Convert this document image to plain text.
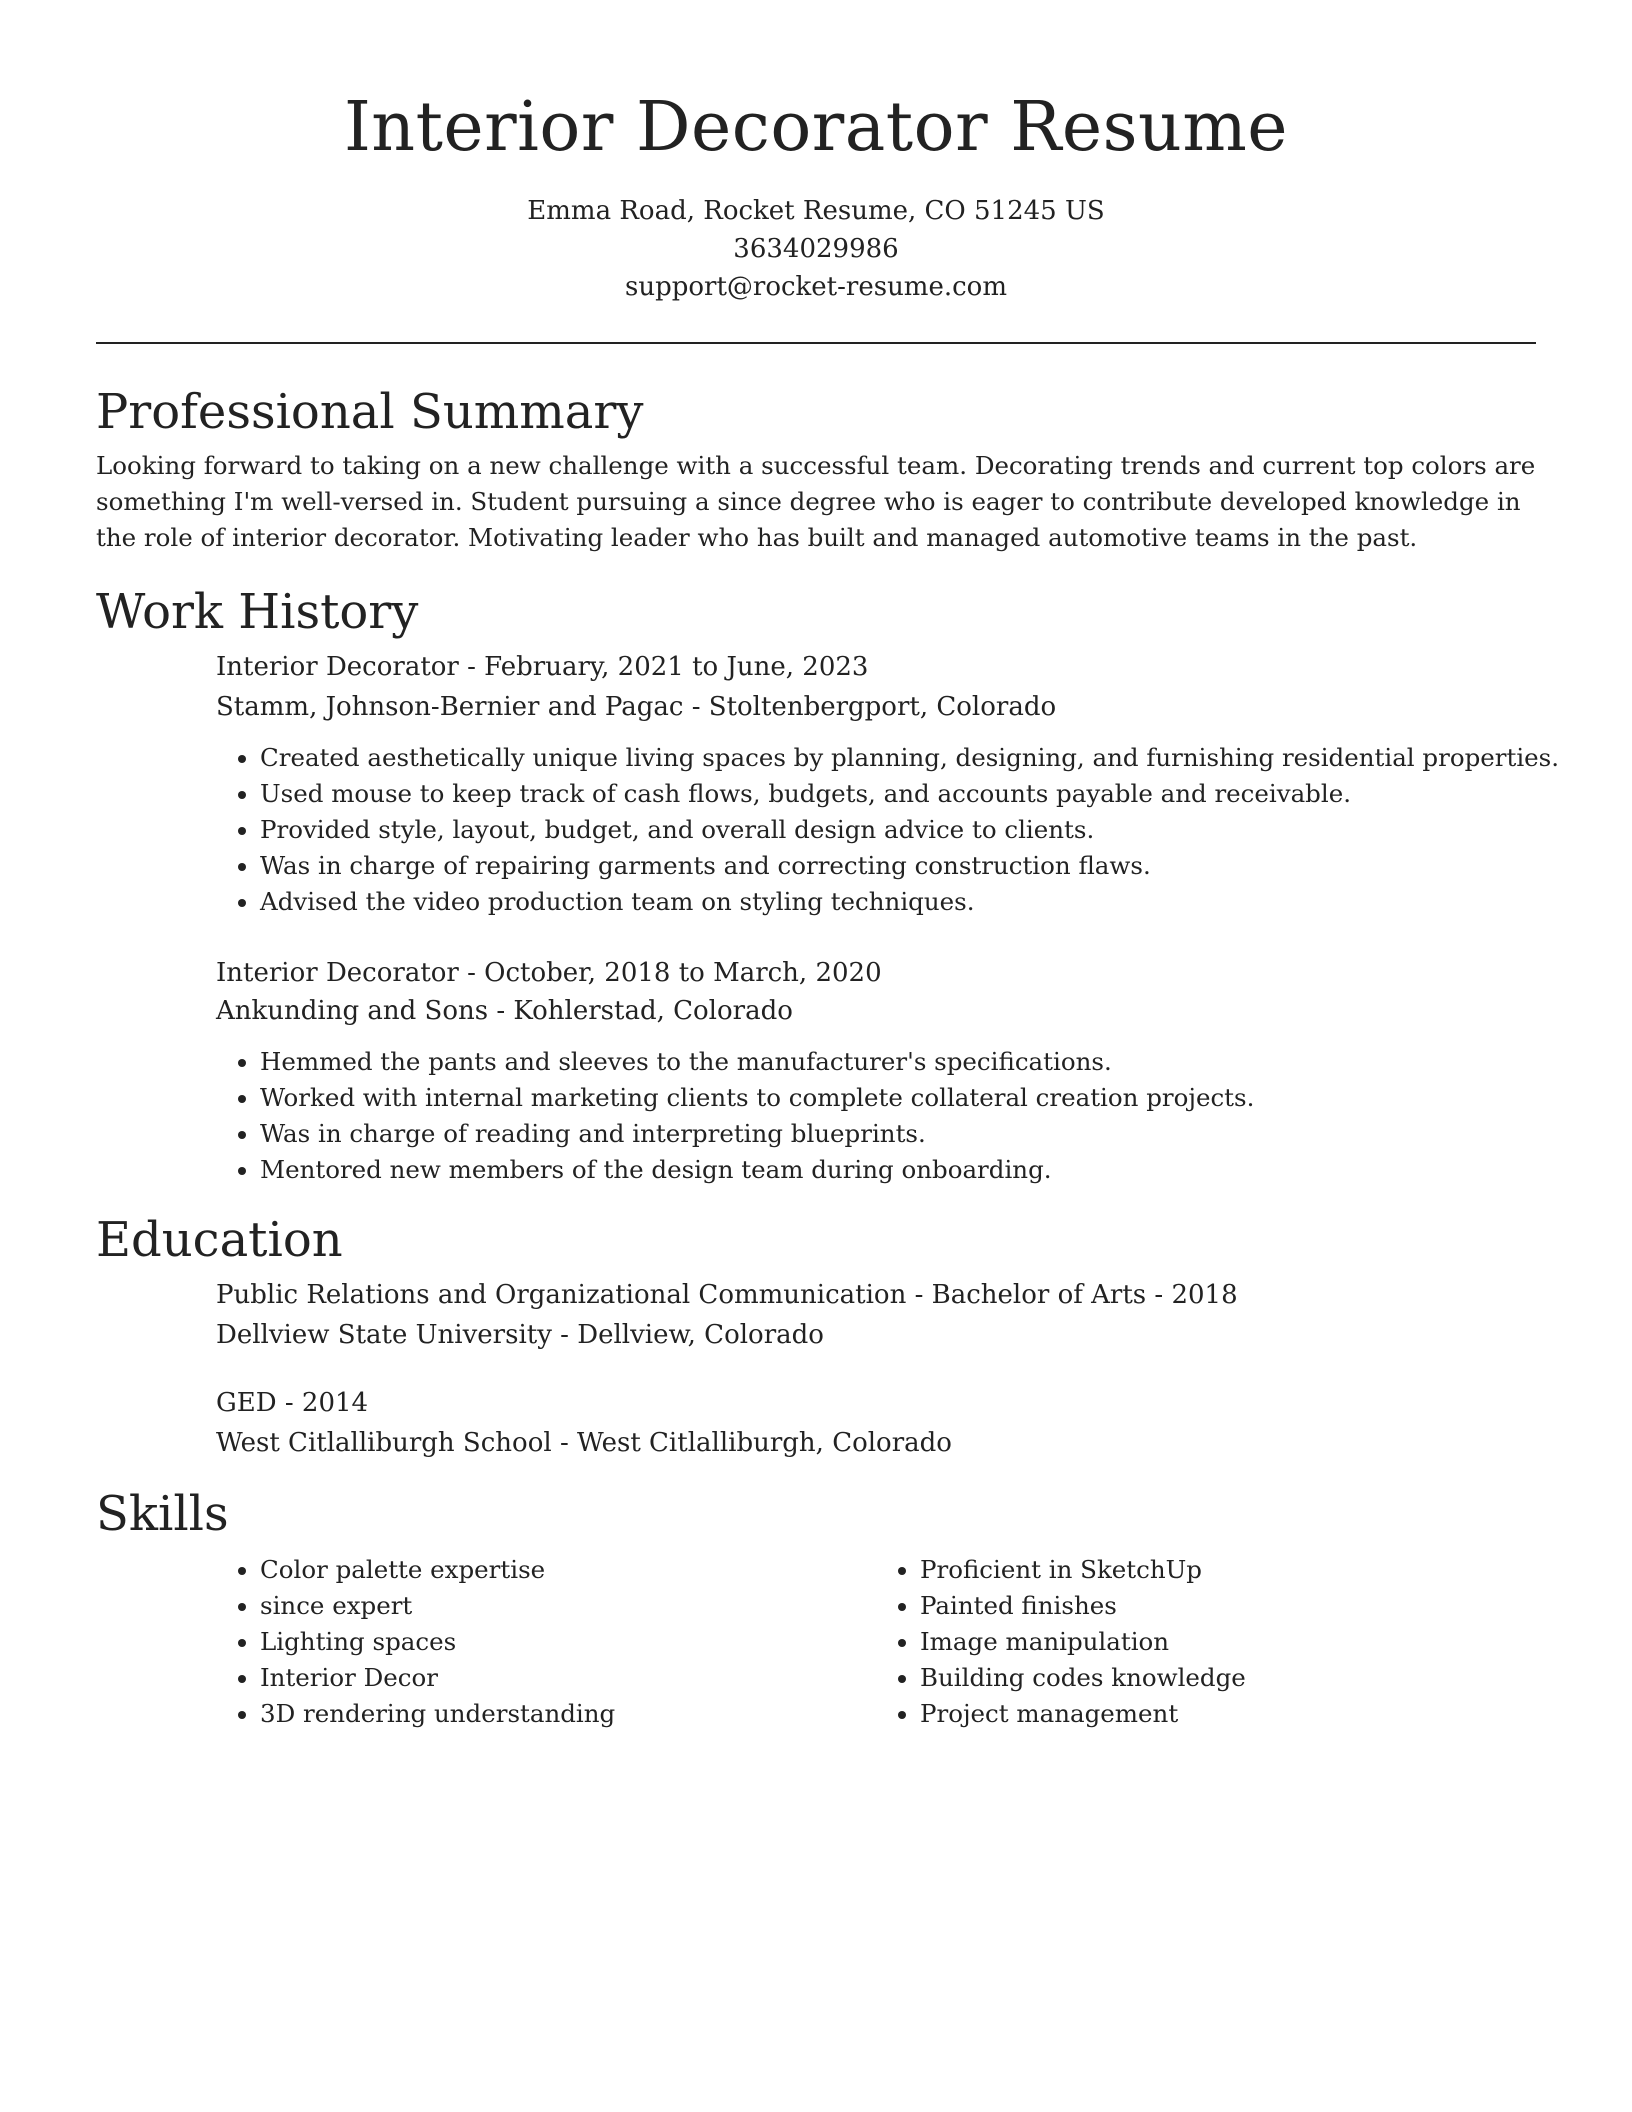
Interior Decorator Resume
Emma Road, Rocket Resume, CO 51245 US
3634029986
support@rocket-resume.com
Professional Summary

Looking forward to taking on a new challenge with a successful team. Decorating trends and current top colors are something I'm well-versed in. Student pursuing a since degree who is eager to contribute developed knowledge in the role of interior decorator. Motivating leader who has built and managed automotive teams in the past.

Work History
Interior Decorator - February, 2021 to June, 2023
Stamm, Johnson-Bernier and Pagac - Stoltenbergport, Colorado
• Created aesthetically unique living spaces by planning, designing, and furnishing residential properties.
• Used mouse to keep track of cash flows, budgets, and accounts payable and receivable.
• Provided style, layout, budget, and overall design advice to clients.
• Was in charge of repairing garments and correcting construction flaws.
• Advised the video production team on styling techniques.
Interior Decorator - October, 2018 to March, 2020
Ankunding and Sons - Kohlerstad, Colorado
• Hemmed the pants and sleeves to the manufacturer's specifications.
• Worked with internal marketing clients to complete collateral creation projects.
• Was in charge of reading and interpreting blueprints.
• Mentored new members of the design team during onboarding.
Education
Public Relations and Organizational Communication - Bachelor of Arts - 2018
Dellview State University - Dellview, Colorado
GED - 2014
West Citlalliburgh School - West Citlalliburgh, Colorado
Skills
• Color palette expertise
• since expert
• Lighting spaces
• Interior Decor
• 3D rendering understanding
• Proficient in SketchUp
• Painted finishes
• Image manipulation
• Building codes knowledge
• Project management
